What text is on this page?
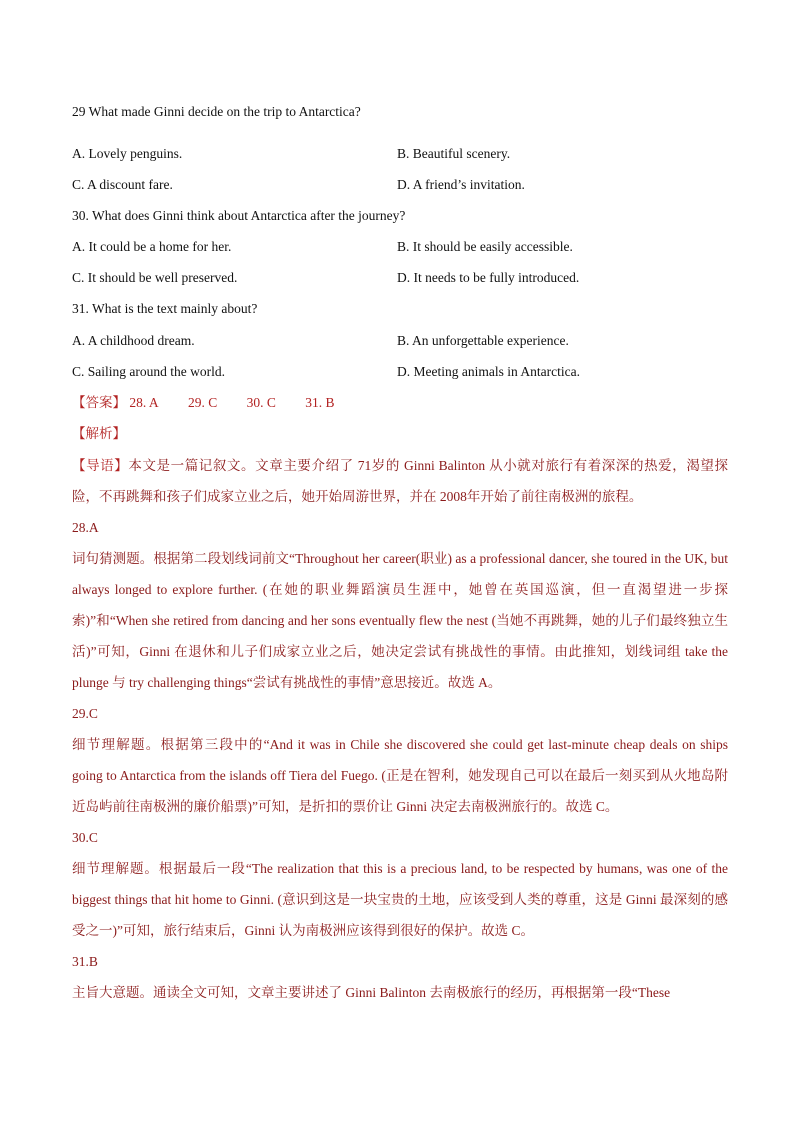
29 What made Ginni decide on the trip to Antarctica?
A. Lovely penguins.	B. Beautiful scenery.
C. A discount fare.	D. A friend’s invitation.
30. What does Ginni think about Antarctica after the journey?
A. It could be a home for her.	B. It should be easily accessible.
C. It should be well preserved.	D. It needs to be fully introduced.
31. What is the text mainly about?
A. A childhood dream.	B. An unforgettable experience.
C. Sailing around the world.	D. Meeting animals in Antarctica.
【答案】 28. A 29. C 30. C 31. B
【解析】

【导语】本文是一篇记叙文。文章主要介绍了 71岁的 Ginni Balinton 从小就对旅行有着深深的热爱，渴望探险，不再跳舞和孩子们成家立业之后，她开始周游世界，并在 2008年开始了前往南极洲的旅程。

28.A

词句猜测题。根据第二段划线词前文“Throughout her career(职业) as a professional dancer, she toured in the UK, but always longed to explore further. (在她的职业舞蹈演员生涯中，她曾在英国巡演，但一直渴望进一步探索)”和“When she retired from dancing and her sons eventually flew the nest (当她不再跳舞，她的儿子们最终独立生活)”可知，Ginni 在退休和儿子们成家立业之后，她决定尝试有挑战性的事情。由此推知，划线词组 take the plunge 与 try challenging things“尝试有挑战性的事情”意思接近。故选 A。

29.C

细节理解题。根据第三段中的“And it was in Chile she discovered she could get last-minute cheap deals on ships going to Antarctica from the islands off Tiera del Fuego. (正是在智利，她发现自己可以在最后一刻买到从火地岛附近岛屿前往南极洲的廉价船票)”可知，是折扣的票价让 Ginni 决定去南极洲旅行的。故选 C。

30.C

细节理解题。根据最后一段“The realization that this is a precious land, to be respected by humans, was one of the biggest things that hit home to Ginni. (意识到这是一块宝贵的土地，应该受到人类的尊重，这是 Ginni 最深刻的感受之一)”可知，旅行结束后，Ginni 认为南极洲应该得到很好的保护。故选 C。

31.B

主旨大意题。通读全文可知，文章主要讲述了 Ginni Balinton 去南极旅行的经历，再根据第一段“These
